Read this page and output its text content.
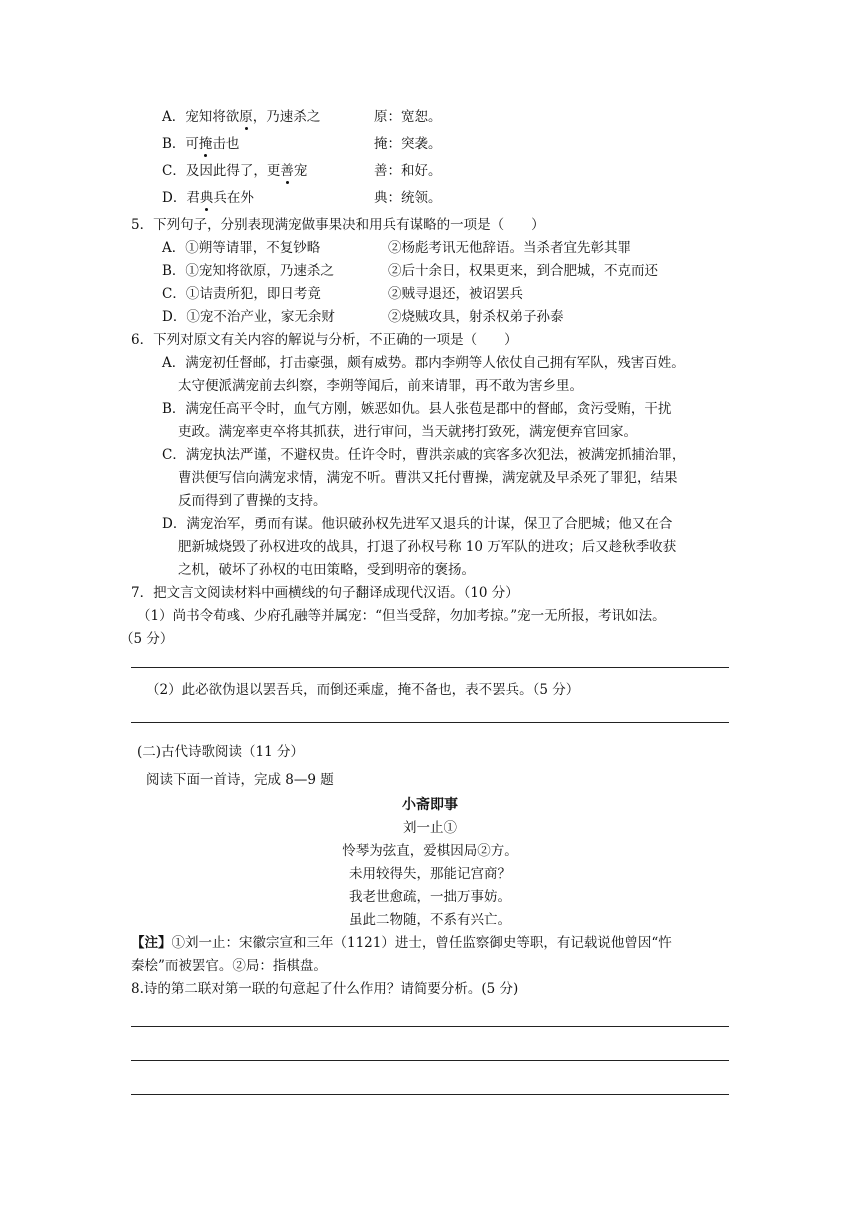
A．宠知将欲原，乃速杀之	原：宽恕。
B．可掩击也	掩：突袭。
C．及因此得了，更善宠	善：和好。
D．君典兵在外	典：统领。
5．下列句子，分别表现满宠做事果决和用兵有谋略的一项是（　　）
A．①朔等请罪，不复钞略	②杨彪考讯无他辞语。当杀者宜先彰其罪
B．①宠知将欲原，乃速杀之	②后十余日，权果更来，到合肥城，不克而还
C．①诘责所犯，即日考竟	②贼寻退还，被诏罢兵
D．①宠不治产业，家无余财	②烧贼攻具，射杀权弟子孙泰
6．下列对原文有关内容的解说与分析，不正确的一项是（　　）
A．满宠初任督邮，打击豪强，颇有威势。郡内李朔等人依仗自己拥有军队，残害百姓。
太守便派满宠前去纠察，李朔等闻后，前来请罪，再不敢为害乡里。
B．满宠任高平令时，血气方刚，嫉恶如仇。县人张苞是郡中的督邮，贪污受贿，干扰
吏政。满宠率吏卒将其抓获，进行审问，当天就拷打致死，满宠便弃官回家。
C．满宠执法严谨，不避权贵。任许令时，曹洪亲戚的宾客多次犯法，被满宠抓捕治罪，
曹洪便写信向满宠求情，满宠不听。曹洪又托付曹操，满宠就及早杀死了罪犯，结果
反而得到了曹操的支持。
D．满宠治军，勇而有谋。他识破孙权先进军又退兵的计谋，保卫了合肥城；他又在合
肥新城烧毁了孙权进攻的战具，打退了孙权号称 10 万军队的进攻；后又趁秋季收获
之机，破坏了孙权的屯田策略，受到明帝的褒扬。
7．把文言文阅读材料中画横线的句子翻译成现代汉语。（10 分）
（1）尚书令荀彧、少府孔融等并属宠：“但当受辞，勿加考掠。”宠一无所报，考讯如法。
（5 分）
（2）此必欲伪退以罢吾兵，而倒还乘虚，掩不备也，表不罢兵。（5 分）
(二)古代诗歌阅读（11 分）
阅读下面一首诗，完成 8—9 题
小斋即事
刘一止①
怜琴为弦直，爱棋因局②方。
未用较得失，那能记宫商？
我老世愈疏，一拙万事妨。
虽此二物随，不系有兴亡。
【注】①刘一止：宋徽宗宣和三年（1121）进士，曾任监察御史等职，有记载说他曾因“忤
秦桧”而被罢官。②局：指棋盘。
8.诗的第二联对第一联的句意起了什么作用？请简要分析。(5 分)
